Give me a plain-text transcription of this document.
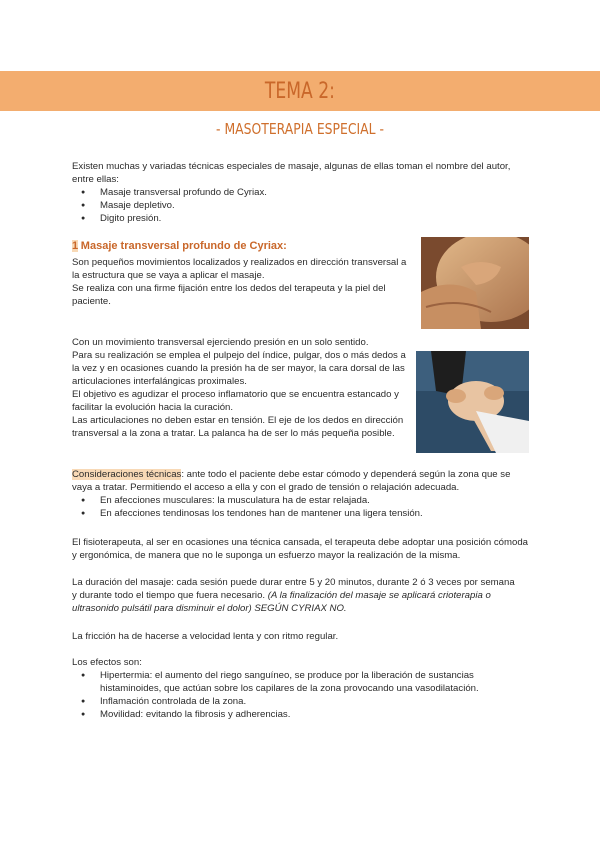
TEMA 2:
- MASOTERAPIA ESPECIAL -
Existen muchas y variadas técnicas especiales de masaje, algunas de ellas toman el nombre del autor, entre ellas:
● Masaje transversal profundo de Cyriax.
● Masaje depletivo.
● Digito presión.
1 Masaje transversal profundo de Cyriax:
Son pequeños movimientos localizados y realizados en dirección transversal a la estructura que se vaya a aplicar el masaje.
Se realiza con una firme fijación entre los dedos del terapeuta y la piel del paciente.
Con un movimiento transversal ejerciendo presión en un solo sentido.
Para su realización se emplea el pulpejo del índice, pulgar, dos o más dedos a la vez y en ocasiones cuando la presión ha de ser mayor, la cara dorsal de las articulaciones interfalángicas proximales.
El objetivo es agudizar el proceso inflamatorio que se encuentra estancado y facilitar la evolución hacia la curación.
Las articulaciones no deben estar en tensión. El eje de los dedos en dirección transversal a la zona a tratar. La palanca ha de ser lo más pequeña posible.
Consideraciones técnicas: ante todo el paciente debe estar cómodo y dependerá según la zona que se vaya a tratar. Permitiendo el acceso a ella y con el grado de tensión o relajación adecuada.
● En afecciones musculares: la musculatura ha de estar relajada.
● En afecciones tendinosas los tendones han de mantener una ligera tensión.
El fisioterapeuta, al ser en ocasiones una técnica cansada, el terapeuta debe adoptar una posición cómoda y ergonómica, de manera que no le suponga un esfuerzo mayor la realización de la misma.
La duración del masaje: cada sesión puede durar entre 5 y 20 minutos, durante 2 ó 3 veces por semana y durante todo el tiempo que fuera necesario. (A la finalización del masaje se aplicará crioterapia o ultrasonido pulsátil para disminuir el dolor) SEGÚN CYRIAX NO.
La fricción ha de hacerse a velocidad lenta y con ritmo regular.
Los efectos son:
● Hipertermia: el aumento del riego sanguíneo, se produce por la liberación de sustancias histaminoides, que actúan sobre los capilares de la zona provocando una vasodilatación.
● Inflamación controlada de la zona.
● Movilidad: evitando la fibrosis y adherencias.
